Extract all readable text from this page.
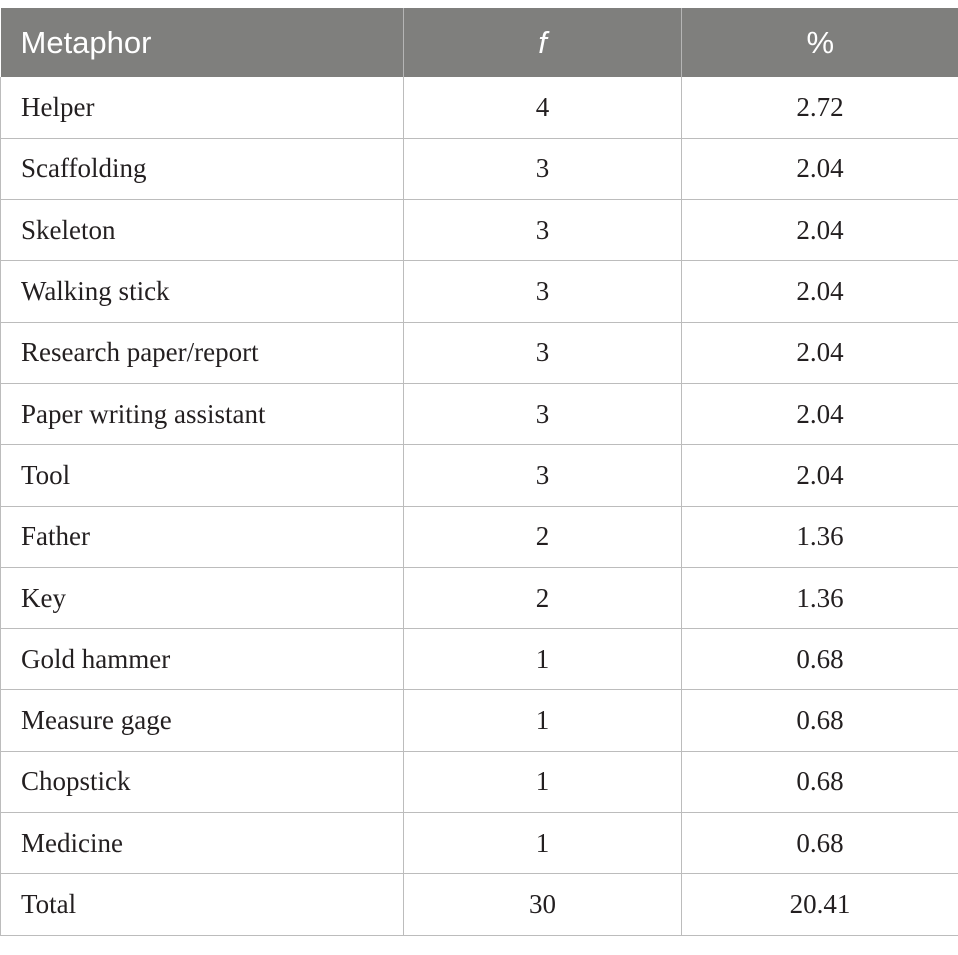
Metaphor	f	%
Helper	4	2.72
Scaffolding	3	2.04
Skeleton	3	2.04
Walking stick	3	2.04
Research paper/report	3	2.04
Paper writing assistant	3	2.04
Tool	3	2.04
Father	2	1.36
Key	2	1.36
Gold hammer	1	0.68
Measure gage	1	0.68
Chopstick	1	0.68
Medicine	1	0.68
Total	30	20.41
